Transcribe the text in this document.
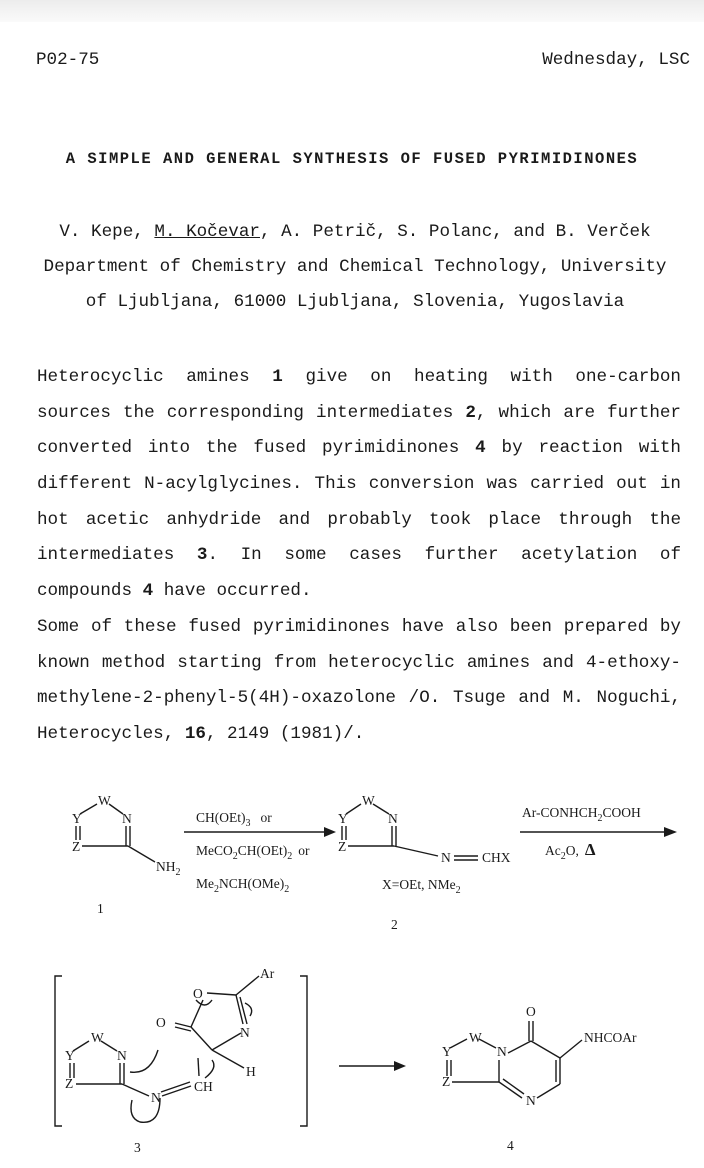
P02-75	Wednesday, LSC
A SIMPLE AND GENERAL SYNTHESIS OF FUSED PYRIMIDINONES
V. Kepe, M. Kočevar, A. Petrič, S. Polanc, and B. Verček
Department of Chemistry and Chemical Technology, University
of Ljubljana, 61000 Ljubljana, Slovenia, Yugoslavia
Heterocyclic amines 1 give on heating with one-carbon
sources the corresponding intermediates 2, which are further
converted into the fused pyrimidinones 4 by reaction with
different N-acylglycines. This conversion was carried out in
hot acetic anhydride and probably took place through the
intermediates 3. In some cases further acetylation of
compounds 4 have occurred.
Some of these fused pyrimidinones have also been prepared by
known method starting from heterocyclic amines and 4-ethoxy-
methylene-2-phenyl-5(4H)-oxazolone /O. Tsuge and M. Noguchi,
Heterocycles, 16, 2149 (1981)/.
W
Y	N
Z
$NH_2$
1
$CH(OEt)_3$ or
$MeCO_2CH(OEt)_2$ or
$Me_2NCH(OMe)_2$
W
Y	N
Z
N CHX
X=OEt, NMe$_2$
2
$Ar-CONHCH_2COOH$
$Ac_2O$, Δ
Ar
O
O
N
W
Y	N
Z
H
N
CH
3
O
W
Y	N
Z
N
NHCOAr
4
